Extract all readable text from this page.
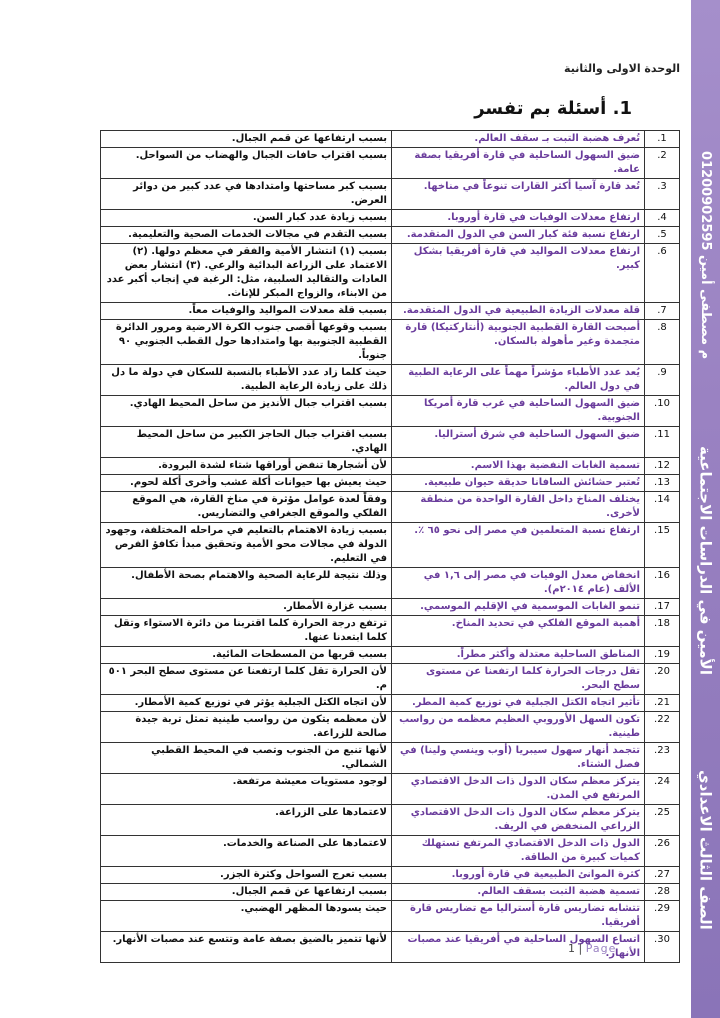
م مصطفى أمين 01200902595
الأمين في الدراسات الاجتماعية
الصف الثالث الاعدادي
الوحدة الاولى والثانية
1. أسئلة بم تفسر
1.	تُعرف هضبة التبت بـ سقف العالم.	بسبب ارتفاعها عن قمم الجبال.
2.	ضيق السهول الساحلية في قارة أفريقيا بصفة عامة.	بسبب اقتراب حافات الجبال والهضاب من السواحل.
3.	تُعد قارة آسيا أكثر القارات تنوعاً في مناخها.	بسبب كبر مساحتها وامتدادها في عدد كبير من دوائر العرض.
4.	ارتفاع معدلات الوفيات في قارة أوروبا.	بسبب زيادة عدد كبار السن.
5.	ارتفاع نسبة فئة كبار السن في الدول المتقدمة.	بسبب التقدم في مجالات الخدمات الصحية والتعليمية.
6.	ارتفاع معدلات المواليد في قارة أفريقيا بشكل كبير.	بسبب (١) انتشار الأمية والفقر في معظم دولها. (٢) الاعتماد على الزراعة البدائية والرعي. (٣) انتشار بعض العادات والتقاليد السلبية، مثل: الرغبة في إنجاب أكبر عدد من الابناء، والزواج المبكر للإناث.
7.	قلة معدلات الزيادة الطبيعية في الدول المتقدمة.	بسبب قلة معدلات المواليد والوفيات معاً.
8.	أصبحت القارة القطبية الجنوبية (أنتاركتيكا) قارة متجمدة وغير مأهولة بالسكان.	بسبب وقوعها أقصى جنوب الكرة الارضية ومرور الدائرة القطبية الجنوبية بها وامتدادها حول القطب الجنوبي ٩٠ جنوباً.
9.	يُعد عدد الأطباء مؤشراً مهماً على الرعاية الطبية في دول العالم.	حيث كلما زاد عدد الأطباء بالنسبة للسكان في دولة ما دل ذلك على زيادة الرعاية الطبية.
10.	ضيق السهول الساحلية في غرب قارة أمريكا الجنوبية.	بسبب اقتراب جبال الأنديز من ساحل المحيط الهادي.
11.	ضيق السهول الساحلية في شرق أستراليا.	بسبب اقتراب جبال الحاجز الكبير من ساحل المحيط الهادي.
12.	تسمية الغابات النفضية بهذا الاسم.	لأن أشجارها تنفض أوراقها شتاء لشدة البرودة.
13.	تُعتبر حشائش السافانا حديقة حيوان طبيعية.	حيث يعيش بها حيوانات أكلة عشب وأخرى أكلة لحوم.
14.	يختلف المناخ داخل القارة الواحدة من منطقة لأخرى.	وفقاً لعدة عوامل مؤثرة في مناخ القارة، هي الموقع الفلكي والموقع الجغرافي والتضاريس.
15.	ارتفاع نسبة المتعلمين في مصر إلى نحو ٦٥ ٪.	بسبب زيادة الاهتمام بالتعليم في مراحله المختلفة، وجهود الدولة في مجالات محو الأمية وتحقيق مبدأ تكافؤ الفرص في التعليم.
16.	انخفاض معدل الوفيات في مصر إلى ١,٦ في الألف (عام ٢٠١٤م).	وذلك نتيجة للرعاية الصحية والاهتمام بصحة الأطفال.
17.	تنمو الغابات الموسمية في الإقليم الموسمي.	بسبب غزارة الأمطار.
18.	أهمية الموقع الفلكي في تحديد المناخ.	ترتفع درجة الحرارة كلما اقتربنا من دائرة الاستواء وتقل كلما ابتعدنا عنها.
19.	المناطق الساحلية معتدلة وأكثر مطراً.	بسبب قربها من المسطحات المائية.
20.	تقل درجات الحرارة كلما ارتفعنا عن مستوى سطح البحر.	لأن الحرارة تقل كلما ارتفعنا عن مستوى سطح البحر ٥٠١ م.
21.	تأثير اتجاه الكتل الجبلية في توزيع كمية المطر.	لأن اتجاه الكتل الجبلية يؤثر في توزيع كمية الأمطار.
22.	تكون السهل الأوروبي العظيم معظمه من رواسب طينية.	لأن معظمه يتكون من رواسب طينية تمثل تربة جيدة صالحة للزراعة.
23.	تتجمد أنهار سهول سيبريا (أوب وينسي ولينا) في فصل الشتاء.	لأنها تنبع من الجنوب وتصب في المحيط القطبي الشمالي.
24.	يتركز معظم سكان الدول ذات الدخل الاقتصادي المرتفع في المدن.	لوجود مستويات معيشة مرتفعة.
25.	يتركز معظم سكان الدول ذات الدخل الاقتصادي الزراعي المنخفض في الريف.	لاعتمادها على الزراعة.
26.	الدول ذات الدخل الاقتصادي المرتفع تستهلك كميات كبيرة من الطاقة.	لاعتمادها على الصناعة والخدمات.
27.	كثرة الموانئ الطبيعية في قارة أوروبا.	بسبب تعرج السواحل وكثرة الجزر.
28.	تسمية هضبة التبت بسقف العالم.	بسبب ارتفاعها عن قمم الجبال.
29.	تتشابه تضاريس قارة أستراليا مع تضاريس قارة أفريقيا.	حيث يسودها المظهر الهضبي.
30.	اتساع السهول الساحلية في أفريقيا عند مصبات الأنهار.	لأنها تتميز بالضيق بصفة عامة وتتسع عند مصبات الأنهار.
1 | Page
